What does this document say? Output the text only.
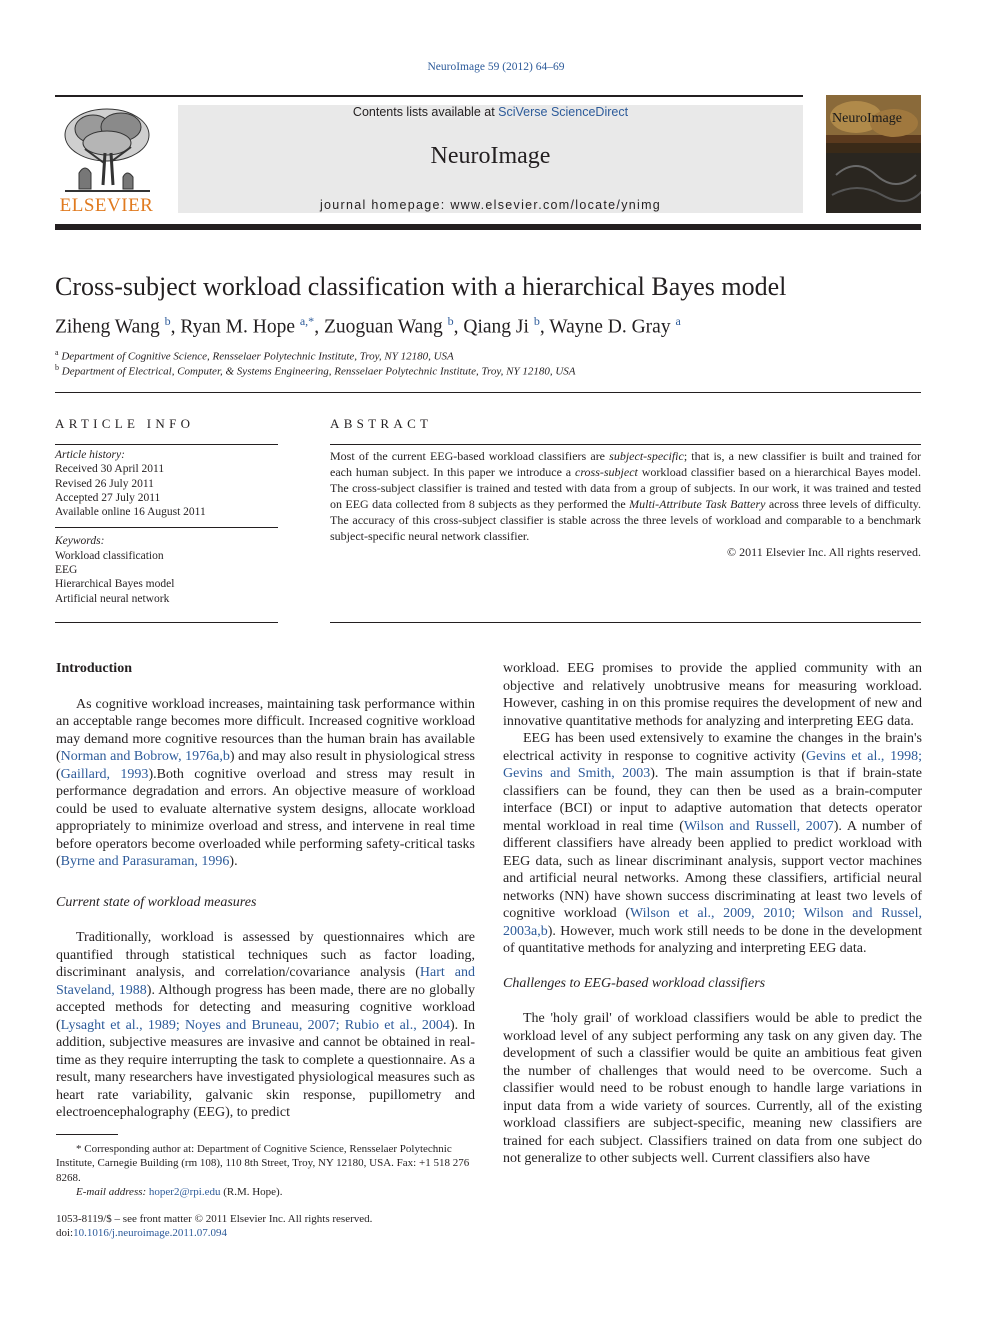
NeuroImage 59 (2012) 64–69
ELSEVIER
Contents lists available at SciVerse ScienceDirect
NeuroImage
journal homepage: www.elsevier.com/locate/ynimg
NeuroImage
Cross-subject workload classification with a hierarchical Bayes model
Ziheng Wang $^b$, Ryan M. Hope $^{a,*}$, Zuoguan Wang $^b$, Qiang Ji $^b$, Wayne D. Gray $^a$
$^a$ Department of Cognitive Science, Rensselaer Polytechnic Institute, Troy, NY 12180, USA
$^b$ Department of Electrical, Computer, & Systems Engineering, Rensselaer Polytechnic Institute, Troy, NY 12180, USA
ARTICLE INFO	ABSTRACT
Article history:
Received 30 April 2011
Revised 26 July 2011
Accepted 27 July 2011
Available online 16 August 2011
Keywords:
Workload classification
EEG
Hierarchical Bayes model
Artificial neural network
Most of the current EEG-based workload classifiers are subject-specific; that is, a new classifier is built and trained for each human subject. In this paper we introduce a cross-subject workload classifier based on a hierarchical Bayes model. The cross-subject classifier is trained and tested with data from a group of subjects. In our work, it was trained and tested on EEG data collected from 8 subjects as they performed the Multi-Attribute Task Battery across three levels of difficulty. The accuracy of this cross-subject classifier is stable across the three levels of workload and comparable to a benchmark subject-specific neural network classifier.
© 2011 Elsevier Inc. All rights reserved.
Introduction

As cognitive workload increases, maintaining task performance within an acceptable range becomes more difficult. Increased cognitive workload may demand more cognitive resources than the human brain has available (Norman and Bobrow, 1976a,b) and may also result in physiological stress (Gaillard, 1993).Both cognitive overload and stress may result in performance degradation and errors. An objective measure of workload could be used to evaluate alternative system designs, allocate workload appropriately to minimize overload and stress, and intervene in real time before operators become overloaded while performing safety-critical tasks (Byrne and Parasuraman, 1996).

Current state of workload measures

Traditionally, workload is assessed by questionnaires which are quantified through statistical techniques such as factor loading, discriminant analysis, and correlation/covariance analysis (Hart and Staveland, 1988). Although progress has been made, there are no globally accepted methods for detecting and measuring cognitive workload (Lysaght et al., 1989; Noyes and Bruneau, 2007; Rubio et al., 2004). In addition, subjective measures are invasive and cannot be obtained in real-time as they require interrupting the task to complete a questionnaire. As a result, many researchers have investigated physiological measures such as heart rate variability, galvanic skin response, pupillometry and electroencephalography (EEG), to predict

workload. EEG promises to provide the applied community with an objective and relatively unobtrusive means for measuring workload. However, cashing in on this promise requires the development of new and innovative quantitative methods for analyzing and interpreting EEG data.

EEG has been used extensively to examine the changes in the brain's electrical activity in response to cognitive activity (Gevins et al., 1998; Gevins and Smith, 2003). The main assumption is that if brain-state classifiers can be found, they can then be used as a brain-computer interface (BCI) or input to adaptive automation that detects operator mental workload in real time (Wilson and Russell, 2007). A number of different classifiers have already been applied to predict workload with EEG data, such as linear discriminant analysis, support vector machines and artificial neural networks. Among these classifiers, artificial neural networks (NN) have shown success discriminating at least two levels of cognitive workload (Wilson et al., 2009, 2010; Wilson and Russel, 2003a,b). However, much work still needs to be done in the development of quantitative methods for analyzing and interpreting EEG data.

Challenges to EEG-based workload classifiers

The 'holy grail' of workload classifiers would be able to predict the workload level of any subject performing any task on any given day. The development of such a classifier would be quite an ambitious feat given the number of challenges that would need to be overcome. Such a classifier would need to be robust enough to handle large variations in input data from a wide variety of sources. Currently, all of the existing workload classifiers are subject-specific, meaning new classifiers are trained for each subject. Classifiers trained on data from one subject do not generalize to other subjects well. Current classifiers also have

* Corresponding author at: Department of Cognitive Science, Rensselaer Polytechnic Institute, Carnegie Building (rm 108), 110 8th Street, Troy, NY 12180, USA. Fax: +1 518 276 8268.

E-mail address: hoper2@rpi.edu (R.M. Hope).

1053-8119/$ – see front matter © 2011 Elsevier Inc. All rights reserved.
doi:10.1016/j.neuroimage.2011.07.094
